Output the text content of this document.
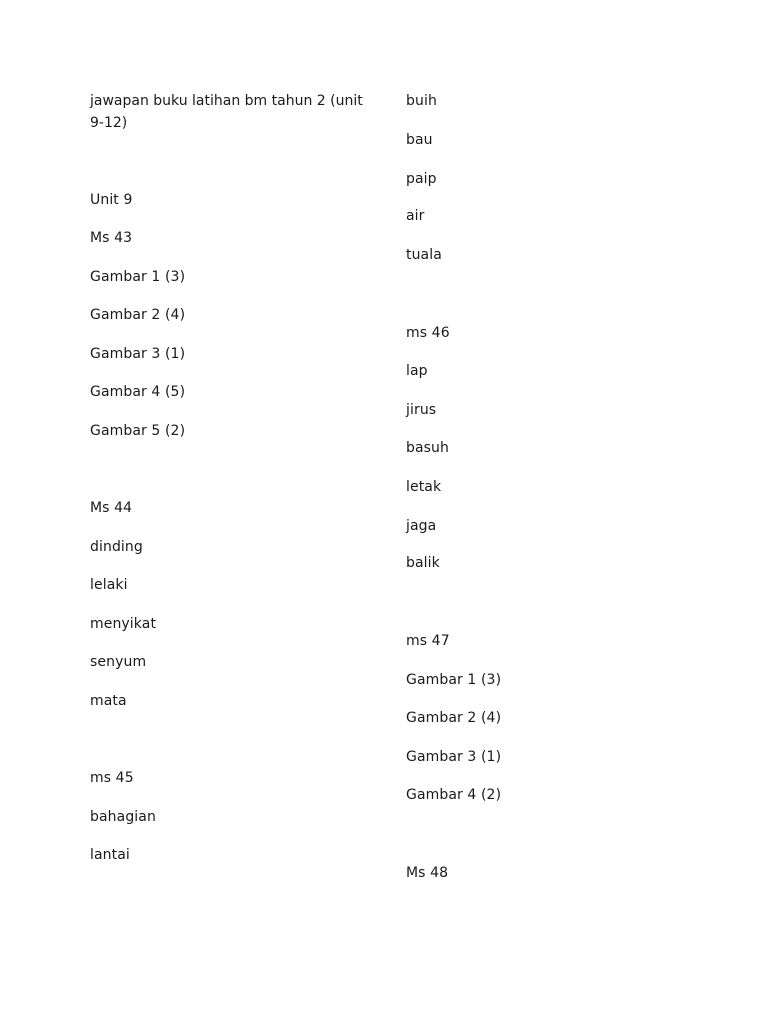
jawapan buku latihan bm tahun 2 (unit 9-12)
Unit 9
Ms 43
Gambar 1 (3)
Gambar 2 (4)
Gambar 3 (1)
Gambar 4 (5)
Gambar 5 (2)
Ms 44
dinding
lelaki
menyikat
senyum
mata
ms 45
bahagian
lantai
buih
bau
paip
air
tuala
ms 46
lap
jirus
basuh
letak
jaga
balik
ms 47
Gambar 1 (3)
Gambar 2 (4)
Gambar 3 (1)
Gambar 4 (2)
Ms 48
